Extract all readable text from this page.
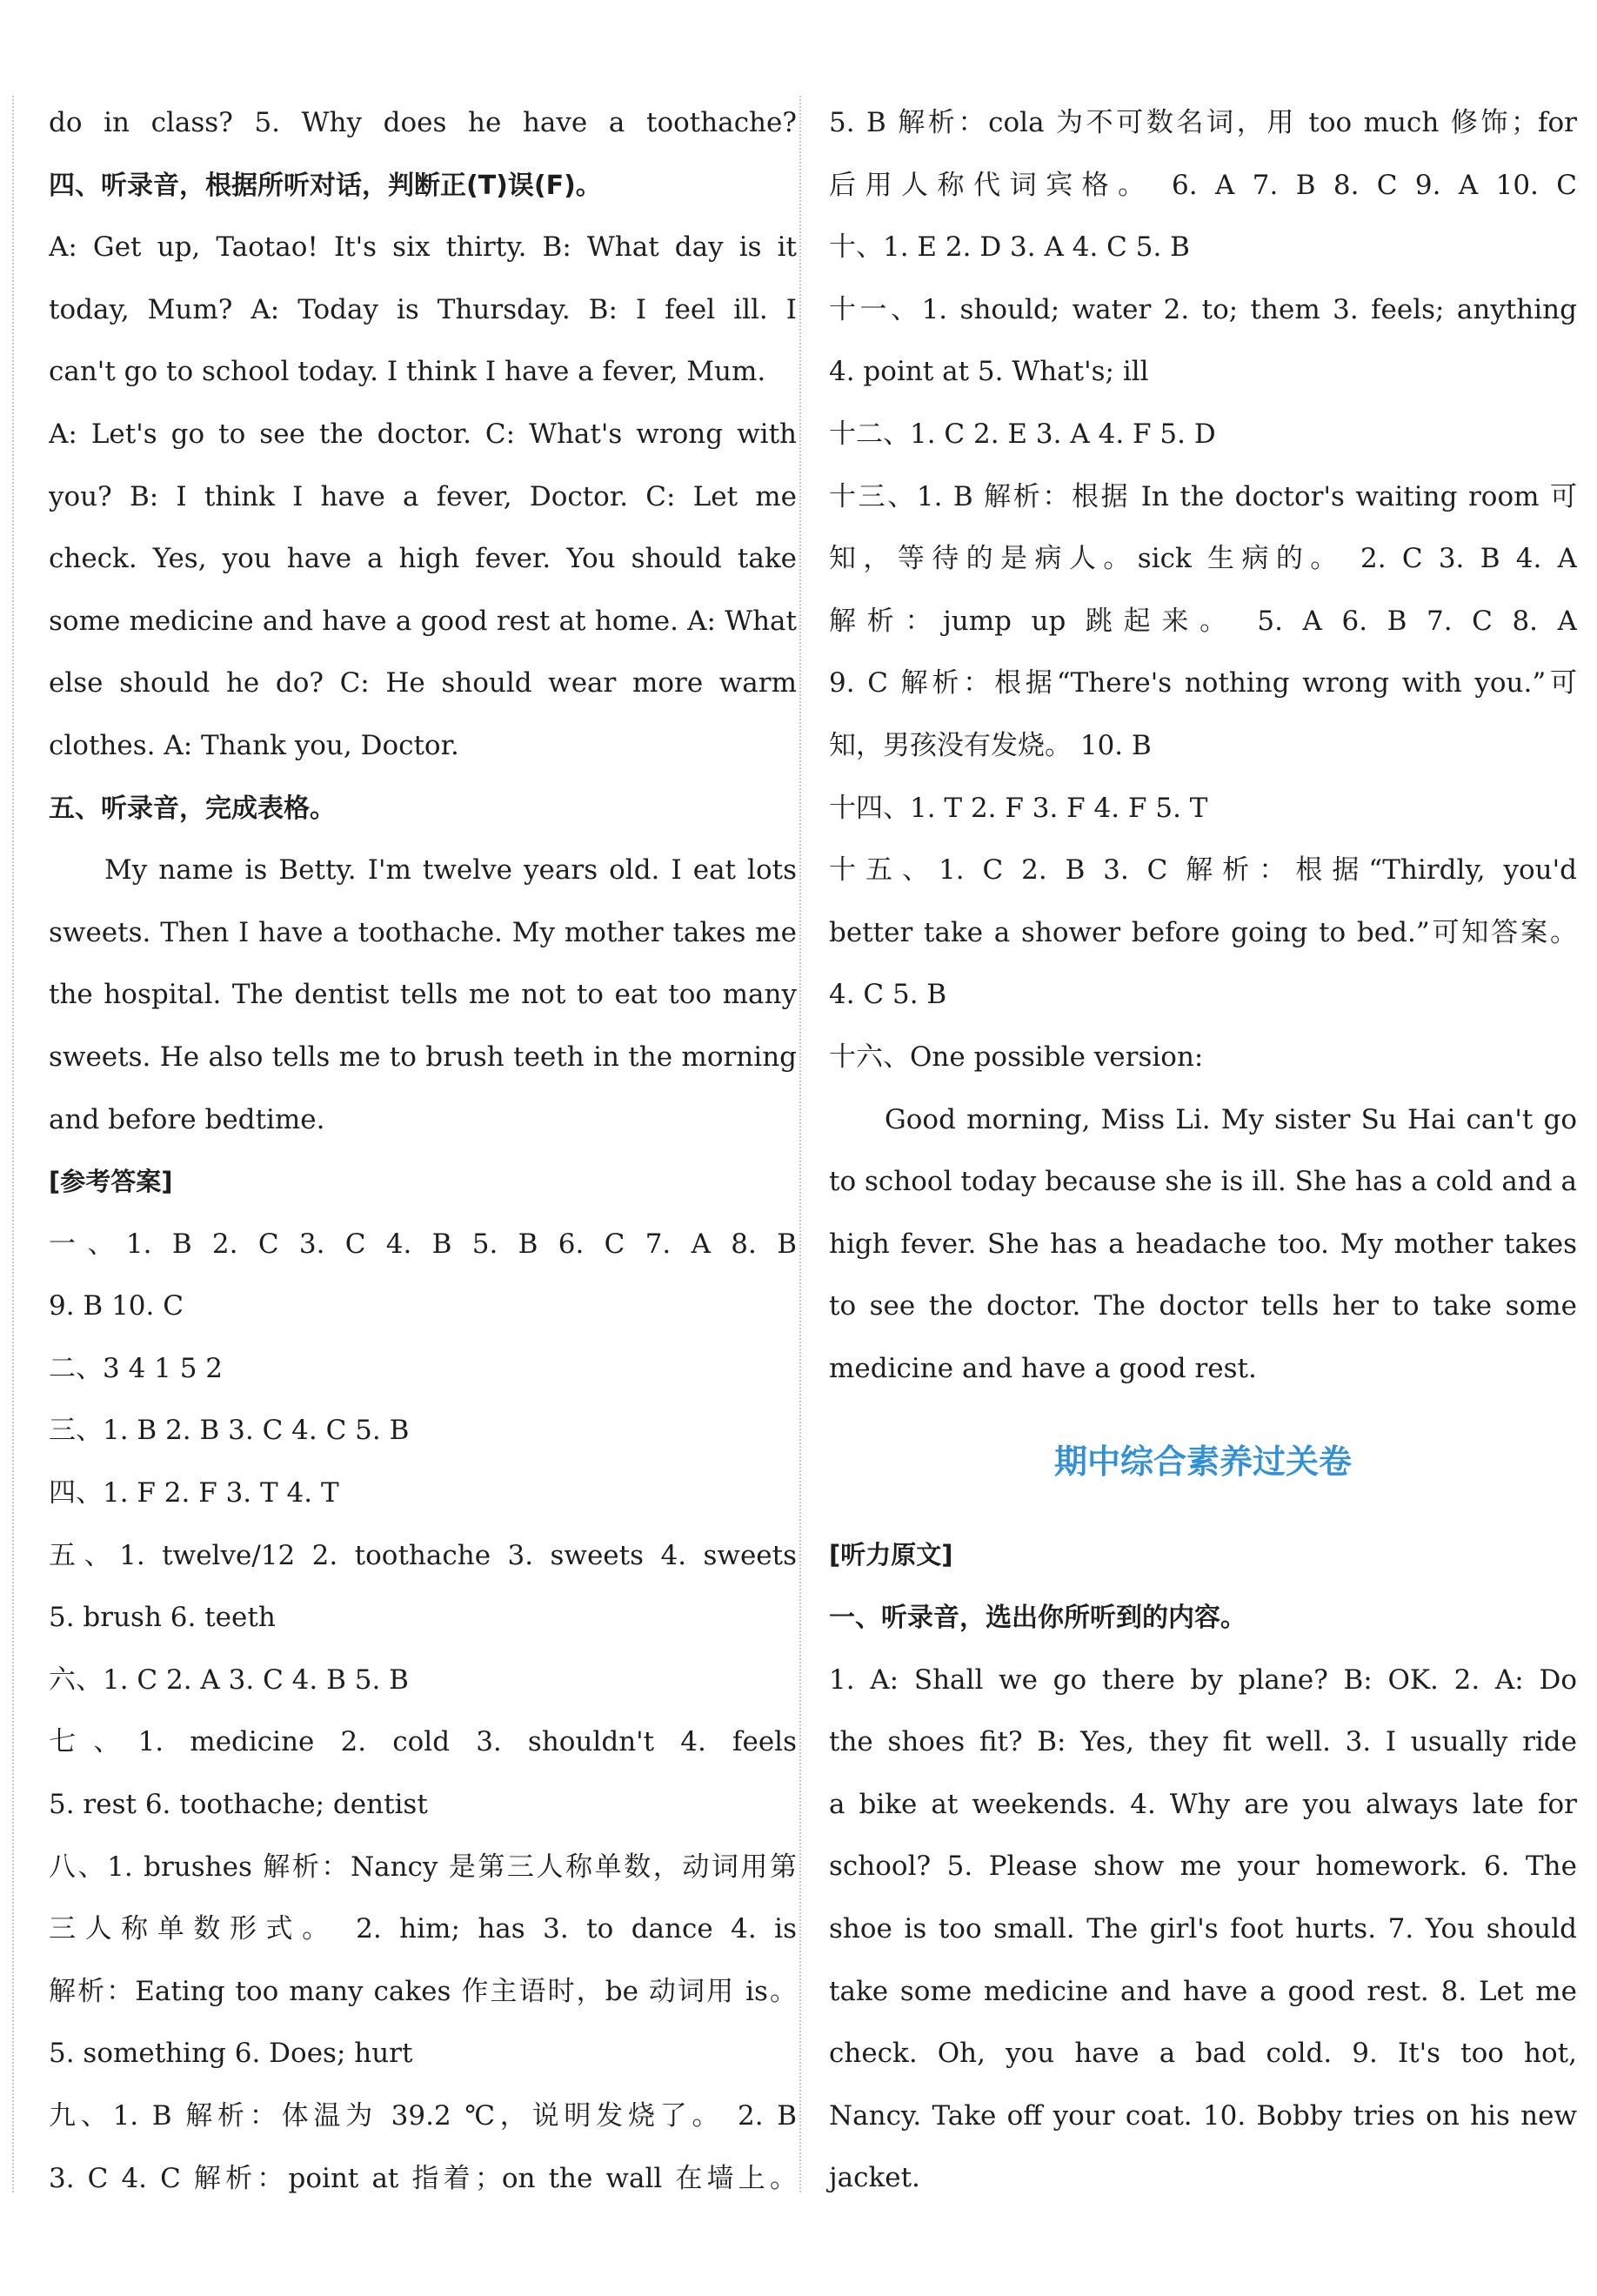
do in class? 5. Why does he have a toothache?
四、听录音，根据所听对话，判断正(T)误(F)。
A: Get up, Taotao! It's six thirty. B: What day is it
today, Mum? A: Today is Thursday. B: I feel ill. I
can't go to school today. I think I have a fever, Mum.
A: Let's go to see the doctor. C: What's wrong with
you? B: I think I have a fever, Doctor. C: Let me
check. Yes, you have a high fever. You should take
some medicine and have a good rest at home. A: What
else should he do? C: He should wear more warm
clothes. A: Thank you, Doctor.
五、听录音，完成表格。
My name is Betty. I'm twelve years old. I eat lots
sweets. Then I have a toothache. My mother takes me
the hospital. The dentist tells me not to eat too many
sweets. He also tells me to brush teeth in the morning
and before bedtime.
[参考答案]
一、1. B 2. C 3. C 4. B 5. B 6. C 7. A 8. B
9. B 10. C
二、3 4 1 5 2
三、1. B 2. B 3. C 4. C 5. B
四、1. F 2. F 3. T 4. T
五、1. twelve/12 2. toothache 3. sweets 4. sweets
5. brush 6. teeth
六、1. C 2. A 3. C 4. B 5. B
七、1. medicine 2. cold 3. shouldn't 4. feels
5. rest 6. toothache; dentist
八、1. brushes 解析：Nancy 是第三人称单数，动词用第
三人称单数形式。 2. him; has 3. to dance 4. is
解析：Eating too many cakes 作主语时，be 动词用 is。
5. something 6. Does; hurt
九、1. B 解析：体温为 39.2 ℃，说明发烧了。 2. B
3. C 4. C 解析：point at 指着；on the wall 在墙上。
5. B 解析：cola 为不可数名词，用 too much 修饰；for
后用人称代词宾格。 6. A 7. B 8. C 9. A 10. C
十、1. E 2. D 3. A 4. C 5. B
十一、1. should; water 2. to; them 3. feels; anything
4. point at 5. What's; ill
十二、1. C 2. E 3. A 4. F 5. D
十三、1. B 解析：根据 In the doctor's waiting room 可
知，等待的是病人。sick 生病的。 2. C 3. B 4. A
解析：jump up 跳起来。 5. A 6. B 7. C 8. A
9. C 解析：根据“There's nothing wrong with you.”可
知，男孩没有发烧。 10. B
十四、1. T 2. F 3. F 4. F 5. T
十五、1. C 2. B 3. C 解析：根据“Thirdly, you'd
better take a shower before going to bed.”可知答案。
4. C 5. B
十六、One possible version:
Good morning, Miss Li. My sister Su Hai can't go
to school today because she is ill. She has a cold and a
high fever. She has a headache too. My mother takes
to see the doctor. The doctor tells her to take some
medicine and have a good rest.
期中综合素养过关卷
[听力原文]
一、听录音，选出你所听到的内容。
1. A: Shall we go there by plane? B: OK. 2. A: Do
the shoes fit? B: Yes, they fit well. 3. I usually ride
a bike at weekends. 4. Why are you always late for
school? 5. Please show me your homework. 6. The
shoe is too small. The girl's foot hurts. 7. You should
take some medicine and have a good rest. 8. Let me
check. Oh, you have a bad cold. 9. It's too hot,
Nancy. Take off your coat. 10. Bobby tries on his new
jacket.
